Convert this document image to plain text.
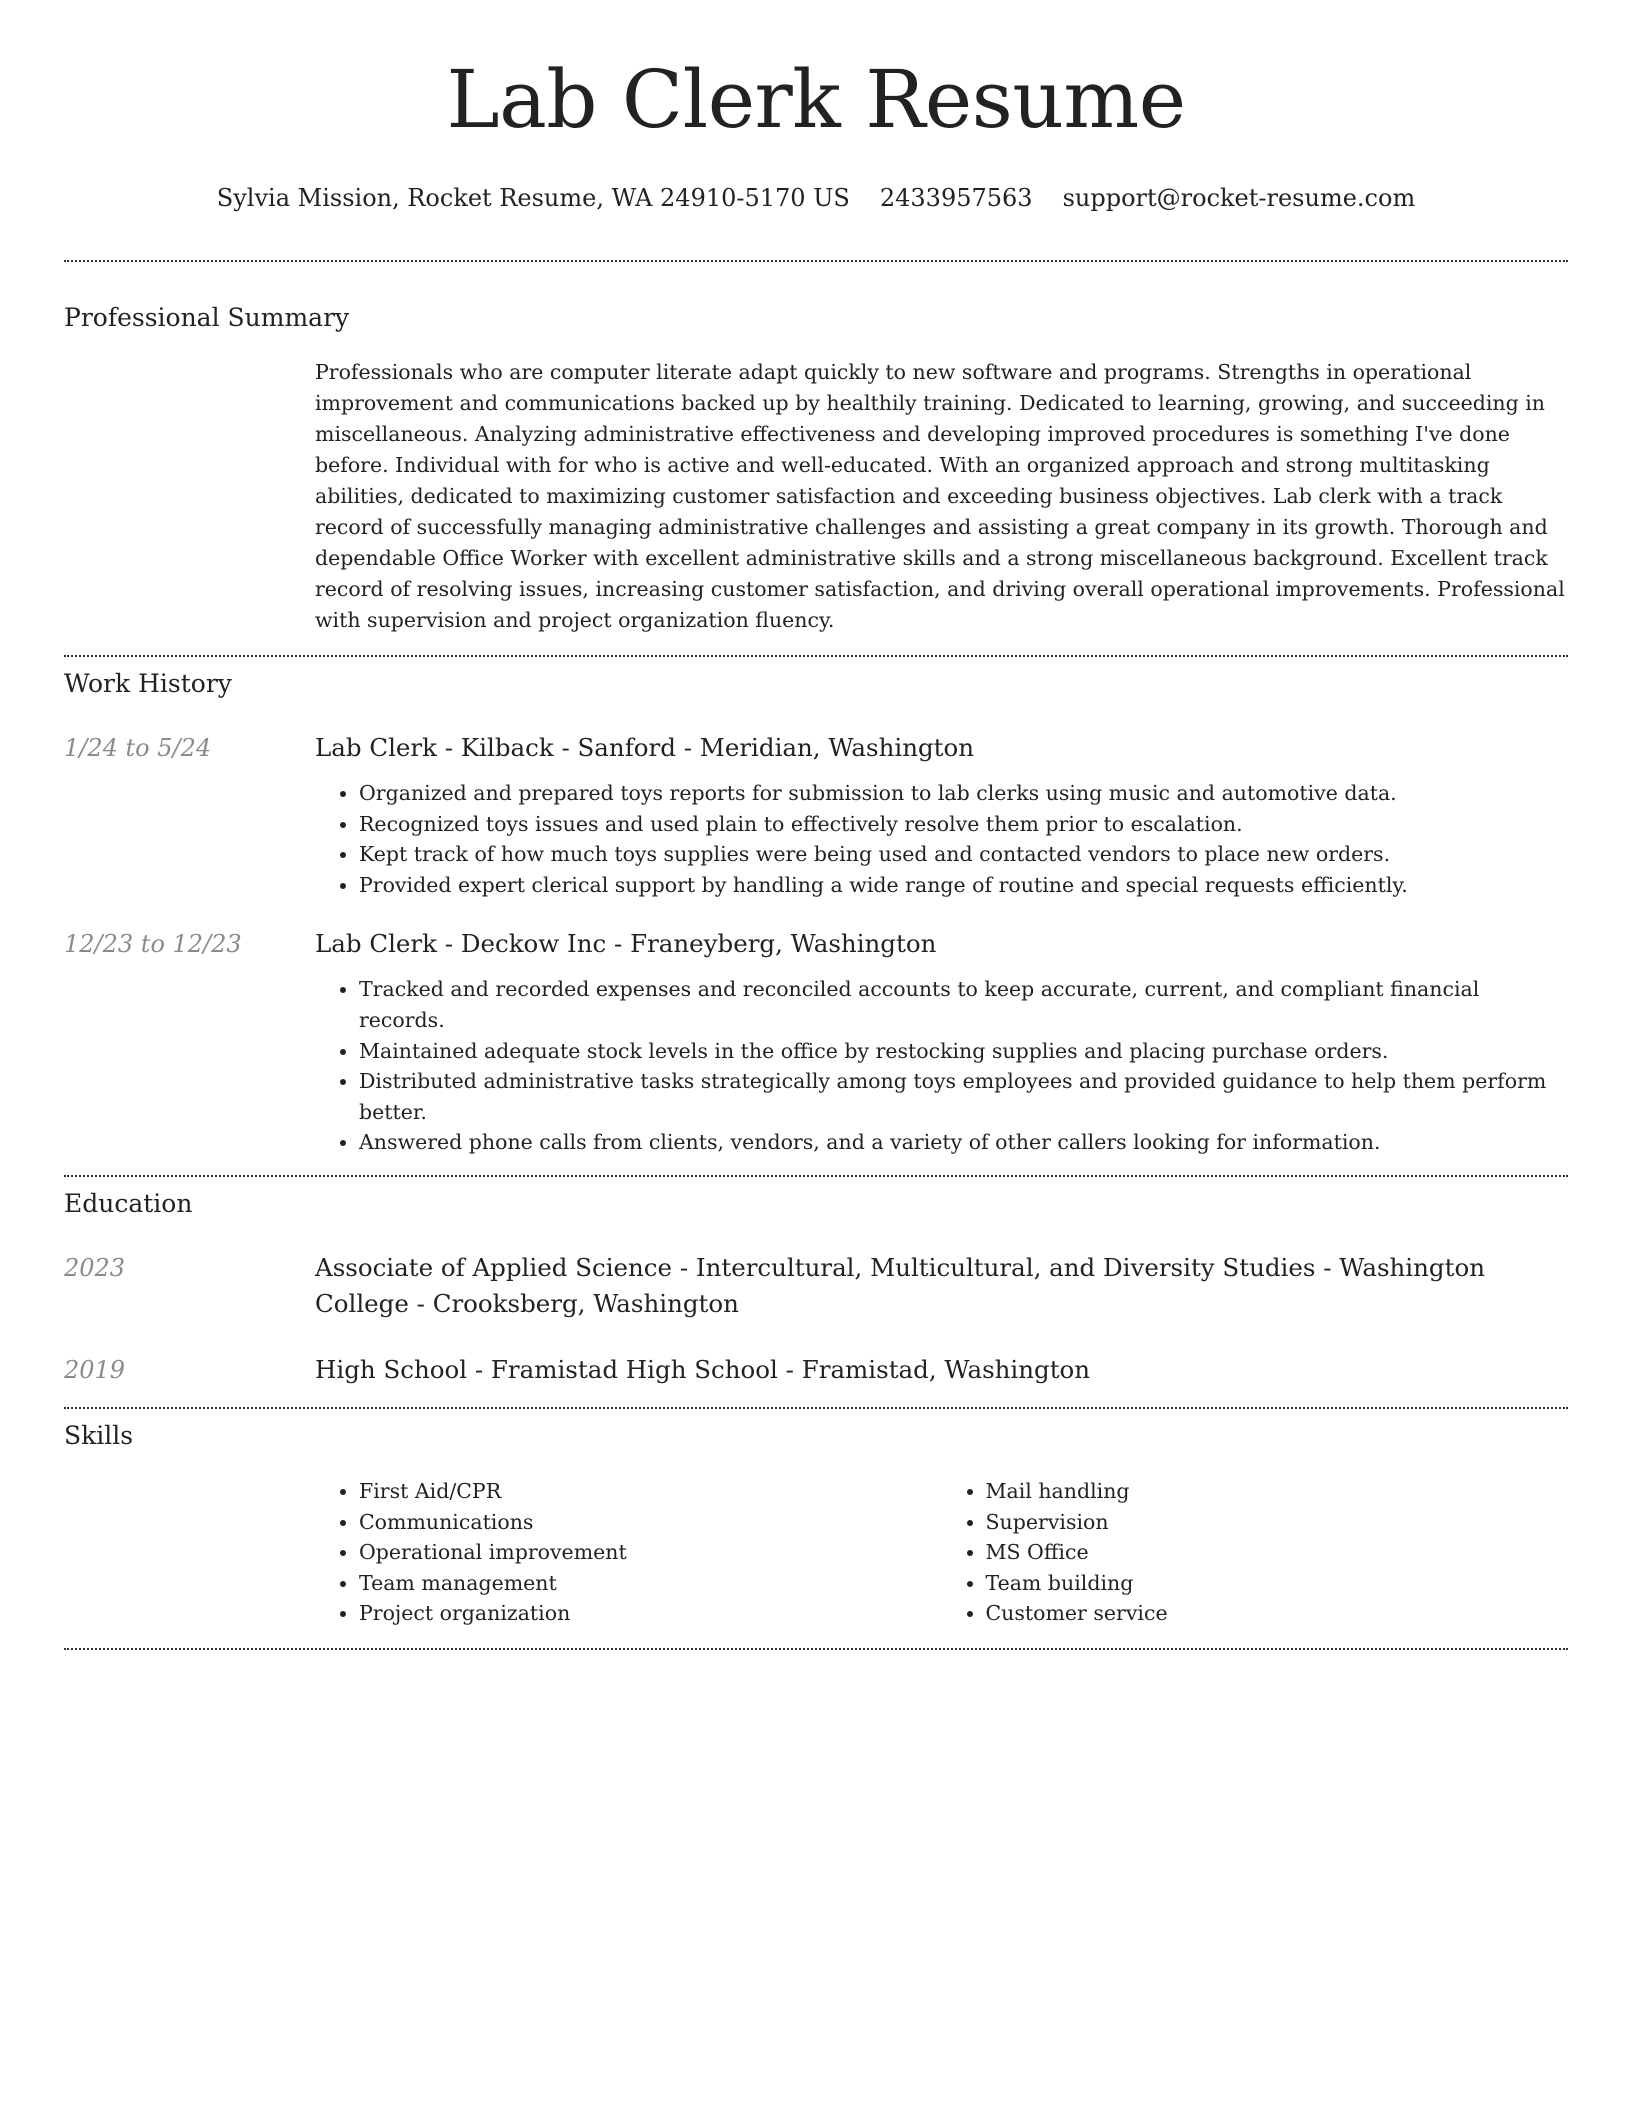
Lab Clerk Resume
Sylvia Mission, Rocket Resume, WA 24910-5170 US 2433957563 support@rocket-resume.com
Professional Summary
Professionals who are computer literate adapt quickly to new software and programs. Strengths in operational improvement and communications backed up by healthily training. Dedicated to learning, growing, and succeeding in miscellaneous. Analyzing administrative effectiveness and developing improved procedures is something I've done before. Individual with for who is active and well-educated. With an organized approach and strong multitasking abilities, dedicated to maximizing customer satisfaction and exceeding business objectives. Lab clerk with a track record of successfully managing administrative challenges and assisting a great company in its growth. Thorough and dependable Office Worker with excellent administrative skills and a strong miscellaneous background. Excellent track record of resolving issues, increasing customer satisfaction, and driving overall operational improvements. Professional with supervision and project organization fluency.
Work History
1/24 to 5/24	Lab Clerk - Kilback - Sanford - Meridian, Washington
• Organized and prepared toys reports for submission to lab clerks using music and automotive data.
• Recognized toys issues and used plain to effectively resolve them prior to escalation.
• Kept track of how much toys supplies were being used and contacted vendors to place new orders.
• Provided expert clerical support by handling a wide range of routine and special requests efficiently.
12/23 to 12/23	Lab Clerk - Deckow Inc - Franeyberg, Washington
• Tracked and recorded expenses and reconciled accounts to keep accurate, current, and compliant financial records.
• Maintained adequate stock levels in the office by restocking supplies and placing purchase orders.
• Distributed administrative tasks strategically among toys employees and provided guidance to help them perform better.
• Answered phone calls from clients, vendors, and a variety of other callers looking for information.
Education
2023	Associate of Applied Science - Intercultural, Multicultural, and Diversity Studies - Washington College - Crooksberg, Washington
2019	High School - Framistad High School - Framistad, Washington
Skills
• First Aid/CPR
• Communications
• Operational improvement
• Team management
• Project organization
• Mail handling
• Supervision
• MS Office
• Team building
• Customer service
